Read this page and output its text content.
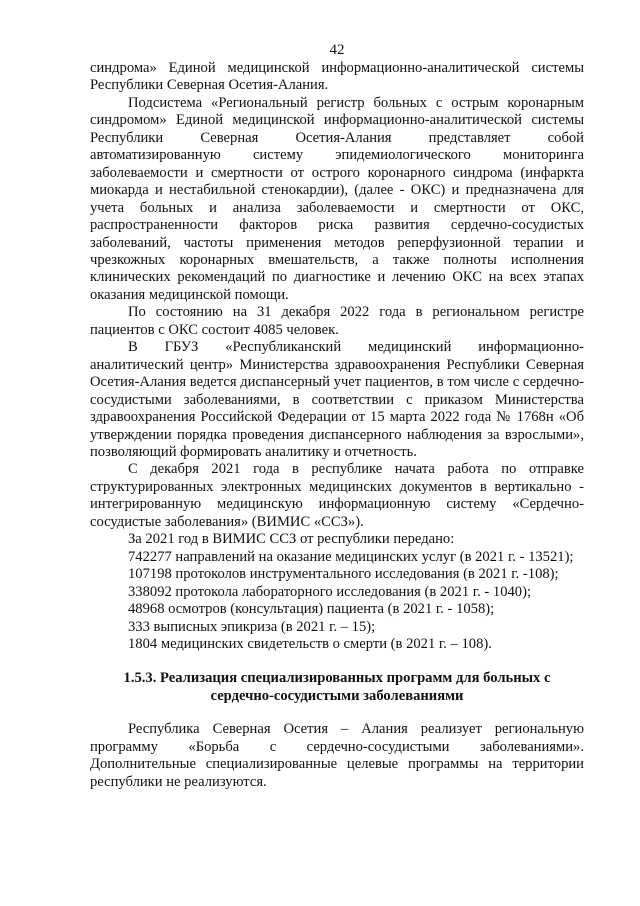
42

синдрома» Единой медицинской информационно-аналитической системы Республики Северная Осетия-Алания.

Подсистема «Региональный регистр больных с острым коронарным синдромом» Единой медицинской информационно-аналитической системы Республики Северная Осетия-Алания представляет собой автоматизированную систему эпидемиологического мониторинга заболеваемости и смертности от острого коронарного синдрома (инфаркта миокарда и нестабильной стенокардии), (далее - ОКС) и предназначена для учета больных и анализа заболеваемости и смертности от ОКС, распространенности факторов риска развития сердечно-сосудистых заболеваний, частоты применения методов реперфузионной терапии и чрезкожных коронарных вмешательств, а также полноты исполнения клинических рекомендаций по диагностике и лечению ОКС на всех этапах оказания медицинской помощи.

По состоянию на 31 декабря 2022 года в региональном регистре пациентов с ОКС состоит 4085 человек.

В ГБУЗ «Республиканский медицинский информационно-аналитический центр» Министерства здравоохранения Республики Северная Осетия-Алания ведется диспансерный учет пациентов, в том числе с сердечно-сосудистыми заболеваниями, в соответствии с приказом Министерства здравоохранения Российской Федерации от 15 марта 2022 года № 1768н «Об утверждении порядка проведения диспансерного наблюдения за взрослыми», позволяющий формировать аналитику и отчетность.

С декабря 2021 года в республике начата работа по отправке структурированных электронных медицинских документов в вертикально - интегрированную медицинскую информационную систему «Сердечно-сосудистые заболевания» (ВИМИС «ССЗ»).

За 2021 год в ВИМИС ССЗ от республики передано:

742277 направлений на оказание медицинских услуг (в 2021 г. - 13521);

107198 протоколов инструментального исследования (в 2021 г. -108);

338092 протокола лабораторного исследования (в 2021 г. - 1040);

48968 осмотров (консультация) пациента (в 2021 г. - 1058);

333 выписных эпикриза (в 2021 г. – 15);

1804 медицинских свидетельств о смерти (в 2021 г. – 108).

1.5.3. Реализация специализированных программ для больных с
сердечно-сосудистыми заболеваниями

Республика Северная Осетия – Алания реализует региональную программу «Борьба с сердечно-сосудистыми заболеваниями». Дополнительные специализированные целевые программы на территории республики не реализуются.
